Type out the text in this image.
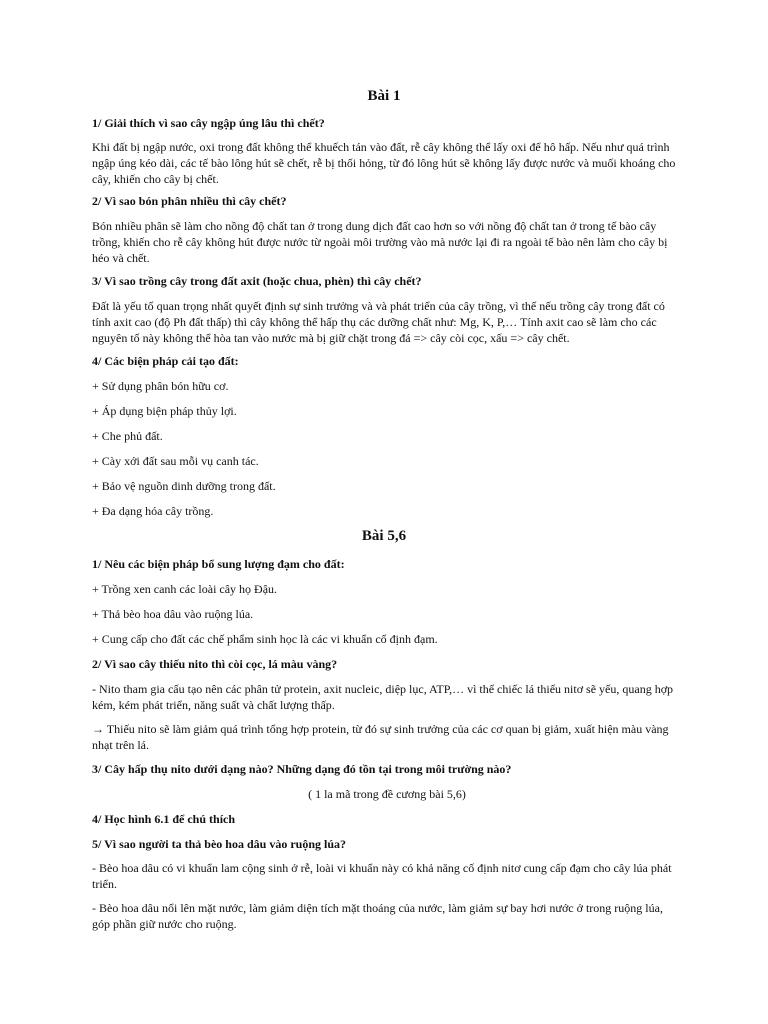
Bài 1

1/ Giải thích vì sao cây ngập úng lâu thì chết?

Khi đất bị ngập nước, oxi trong đất không thể khuếch tán vào đất, rễ cây không thể lấy oxi để hô hấp. Nếu như quá trình ngập úng kéo dài, các tế bào lông hút sẽ chết, rễ bị thối hỏng, từ đó lông hút sẽ không lấy được nước và muối khoáng cho cây, khiến cho cây bị chết.

2/ Vì sao bón phân nhiều thì cây chết?

Bón nhiều phân sẽ làm cho nồng độ chất tan ở trong dung dịch đất cao hơn so với nồng độ chất tan ở trong tế bào cây trồng, khiến cho rễ cây không hút được nước từ ngoài môi trường vào mà nước lại đi ra ngoài tế bào nên làm cho cây bị héo và chết.

3/ Vì sao trồng cây trong đất axit (hoặc chua, phèn) thì cây chết?

Đất là yếu tố quan trọng nhất quyết định sự sinh trưởng và và phát triển của cây trồng, vì thế nếu trồng cây trong đất có tính axit cao (độ Ph đất thấp) thì cây không thể hấp thụ các dưỡng chất như: Mg, K, P,… Tính axit cao sẽ làm cho các nguyên tố này không thể hòa tan vào nước mà bị giữ chặt trong đá => cây còi cọc, xấu => cây chết.

4/ Các biện pháp cải tạo đất:

+ Sử dụng phân bón hữu cơ.

+ Áp dụng biện pháp thủy lợi.

+ Che phủ đất.

+ Cày xới đất sau mỗi vụ canh tác.

+ Bảo vệ nguồn dinh dưỡng trong đất.

+ Đa dạng hóa cây trồng.

Bài 5,6

1/ Nêu các biện pháp bổ sung lượng đạm cho đất:

+ Trồng xen canh các loài cây họ Đậu.

+ Thả bèo hoa dâu vào ruộng lúa.

+ Cung cấp cho đất các chế phẩm sinh học là các vi khuẩn cố định đạm.

2/ Vì sao cây thiếu nito thì còi cọc, lá màu vàng?

- Nito tham gia cấu tạo nên các phân tử protein, axit nucleic, diệp lục, ATP,… vì thế chiếc lá thiếu nitơ sẽ yếu, quang hợp kém, kém phát triển, năng suất và chất lượng thấp.

→ Thiếu nito sẽ làm giảm quá trình tổng hợp protein, từ đó sự sinh trưởng của các cơ quan bị giảm, xuất hiện màu vàng nhạt trên lá.

3/ Cây hấp thụ nito dưới dạng nào? Những dạng đó tồn tại trong môi trường nào?

( 1 la mã trong đề cương bài 5,6)

4/ Học hình 6.1 để chú thích

5/ Vì sao người ta thả bèo hoa dâu vào ruộng lúa?

- Bèo hoa dâu có vi khuẩn lam cộng sinh ở rễ, loài vi khuẩn này có khả năng cố định nitơ cung cấp đạm cho cây lúa phát triển.

- Bèo hoa dâu nổi lên mặt nước, làm giảm diện tích mặt thoáng của nước, làm giảm sự bay hơi nước ở trong ruộng lúa, góp phần giữ nước cho ruộng.
